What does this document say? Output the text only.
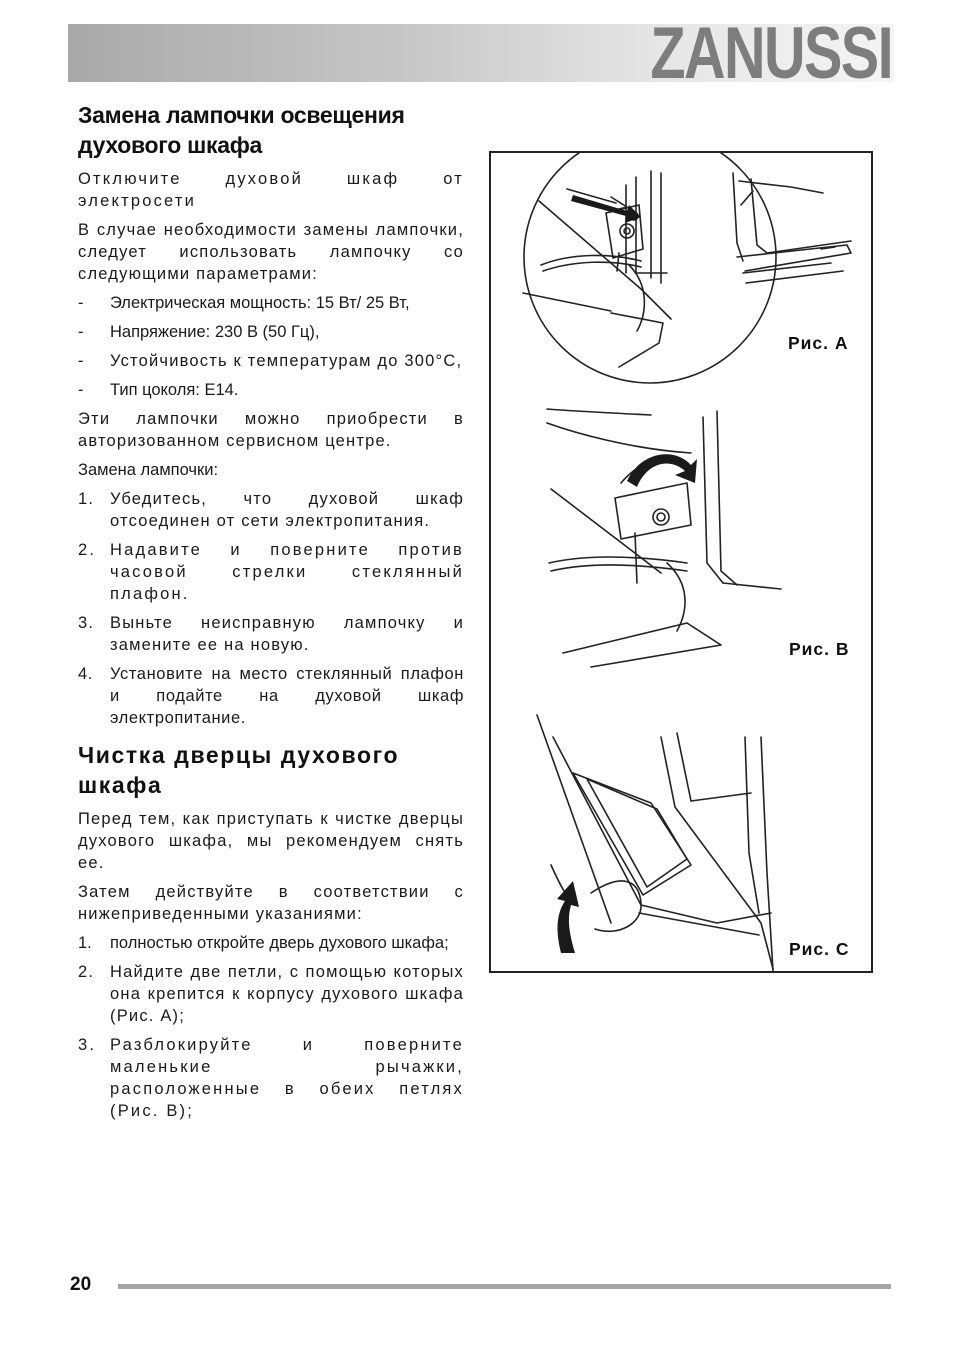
ZANUSSI
Замена лампочки освещения
духового шкафа

Отключите духовой шкаф от электросети

В случае необходимости замены лампочки, следует использовать лампочку со следующими параметрами:

- Электрическая мощность: 15 Вт/ 25 Вт,
- Напряжение: 230 В (50 Гц),
- Устойчивость к температурам до 300°C,
- Тип цоколя: E14.

Эти лампочки можно приобрести в авторизованном сервисном центре.

Замена лампочки:

1. Убедитесь, что духовой шкаф отсоединен от сети электропитания.
2. Надавите и поверните против часовой стрелки стеклянный плафон.
3. Выньте неисправную лампочку и замените ее на новую.
4. Установите на место стеклянный плафон и подайте на духовой шкаф электропитание.
Чистка дверцы духового
шкафа

Перед тем, как приступать к чистке дверцы духового шкафа, мы рекомендуем снять ее.

Затем действуйте в соответствии с нижеприведенными указаниями:

1. полностью откройте дверь духового шкафа;
2. Найдите две петли, с помощью которых она крепится к корпусу духового шкафа (Рис. A);
3. Разблокируйте и поверните маленькие рычажки, расположенные в обеих петлях (Рис. B);
Рис. A
Рис. B
Рис. C
20
